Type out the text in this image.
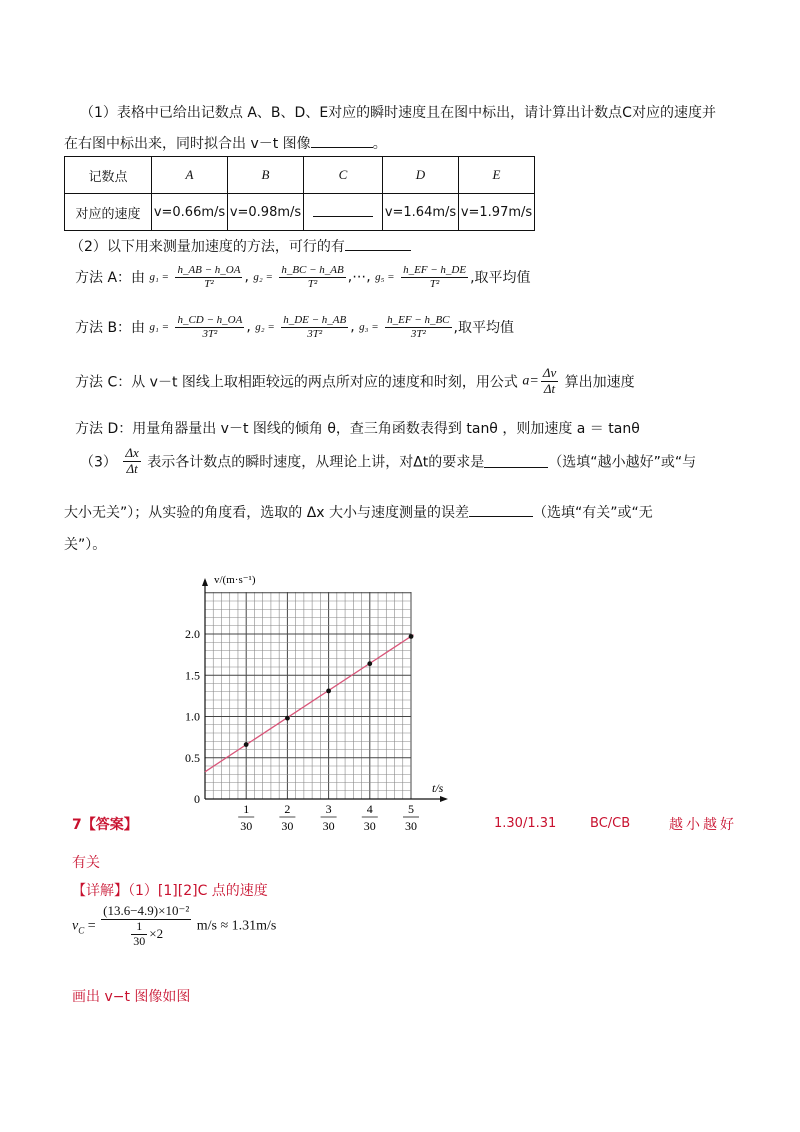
（1）表格中已给出记数点 A、B、D、E对应的瞬时速度且在图中标出，请计算出计数点C对应的速度并
在右图中标出来，同时拟合出 v－t 图像	。
记数点	A	B	C	D	E
对应的速度	v=0.66m/s	v=0.98m/s		v=1.64m/s	v=1.97m/s
（2）以下用来测量加速度的方法，可行的有
方法 A：由 $g_1 = \frac{h\_AB - h\_OA}{\text{T²}}$ , $g_2 = \frac{h\_BC - h\_AB}{\text{T²}}$ ,⋯, $g_5 = \frac{h\_EF - h\_DE}{\text{T²}}$ ,取平均值
方法 B：由 $g_1 = \frac{h\_CD - h\_OA}{\text{3T²}}$ , $g_2 = \frac{h\_DE - h\_AB}{\text{3T²}}$ , $g_3 = \frac{h\_EF - h\_BC}{\text{3T²}}$ ,取平均值
方法 C：从 v－t 图线上取相距较远的两点所对应的速度和时刻，用公式 $a= \frac{\Delta v}{\Delta t}$ 算出加速度
方法 D：用量角器量出 v－t 图线的倾角 θ，查三角函数表得到 tanθ ，则加速度 a ＝ tanθ
$(3) \frac{\Delta x}{\Delta t}$ 表示各计数点的瞬时速度，从理论上讲，对Δt的要求是	（选填“越小越好”或“与
大小无关”）；从实验的角度看，选取的 Δx 大小与速度测量的误差	（选填“有关”或“无
关”）。
v/(m·s⁻¹)
t/s
0
0.5
1.0
1.5
2.0
1
30
2
30
3
30
4
30
5
30
7【答案】	1.30/1.31	BC/CB	越小越好
有关
【详解】（1）[1][2]C 点的速度
$v_C = \frac{\text{(13.6−4.9)×10⁻²}}{\frac{1}{30} \times 2} m/s \approx 1.31m/s$
画出 v−t 图像如图
